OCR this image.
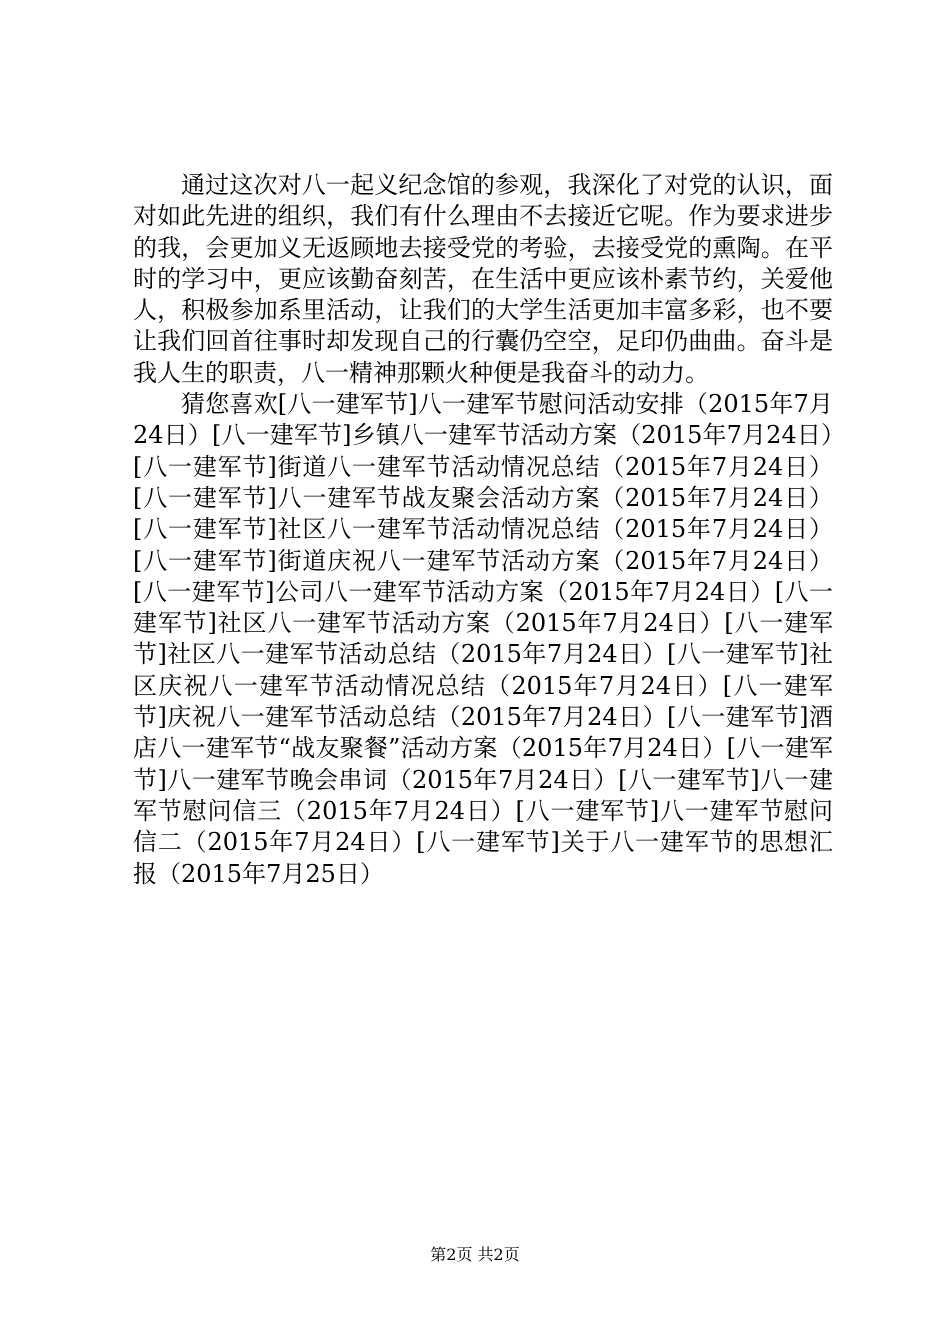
通过这次对八一起义纪念馆的参观，我深化了对党的认识，面对如此先进的组织，我们有什么理由不去接近它呢。作为要求进步的我，会更加义无返顾地去接受党的考验，去接受党的熏陶。在平时的学习中，更应该勤奋刻苦，在生活中更应该朴素节约，关爱他人，积极参加系里活动，让我们的大学生活更加丰富多彩，也不要让我们回首往事时却发现自己的行囊仍空空，足印仍曲曲。奋斗是我人生的职责，八一精神那颗火种便是我奋斗的动力。

猜您喜欢[八一建军节]八一建军节慰问活动安排（2015年7月24日）[八一建军节]乡镇八一建军节活动方案（2015年7月24日）[八一建军节]街道八一建军节活动情况总结（2015年7月24日）[八一建军节]八一建军节战友聚会活动方案（2015年7月24日）[八一建军节]社区八一建军节活动情况总结（2015年7月24日）[八一建军节]街道庆祝八一建军节活动方案（2015年7月24日）[八一建军节]公司八一建军节活动方案（2015年7月24日）[八一建军节]社区八一建军节活动方案（2015年7月24日）[八一建军节]社区八一建军节活动总结（2015年7月24日）[八一建军节]社区庆祝八一建军节活动情况总结（2015年7月24日）[八一建军节]庆祝八一建军节活动总结（2015年7月24日）[八一建军节]酒店八一建军节“战友聚餐”活动方案（2015年7月24日）[八一建军节]八一建军节晚会串词（2015年7月24日）[八一建军节]八一建军节慰问信三（2015年7月24日）[八一建军节]八一建军节慰问信二（2015年7月24日）[八一建军节]关于八一建军节的思想汇报（2015年7月25日）

第2页 共2页
